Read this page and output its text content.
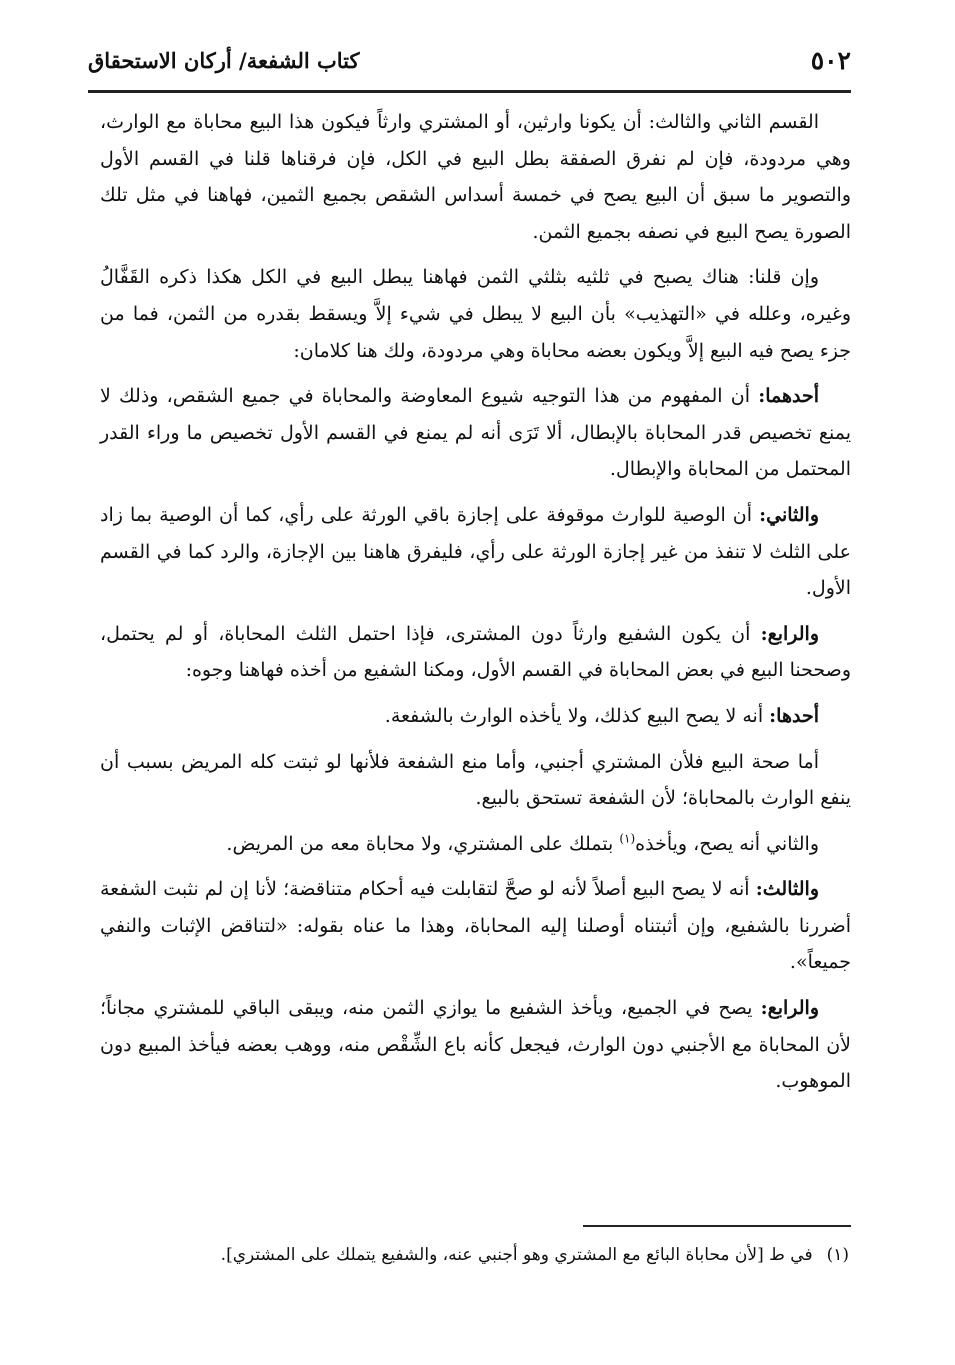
٥٠٢
كتاب الشفعة/ أركان الاستحقاق

القسم الثاني والثالث: أن يكونا وارثين، أو المشتري وارثاً فيكون هذا البيع محاباة مع الوارث، وهي مردودة، فإن لم نفرق الصفقة بطل البيع في الكل، فإن فرقناها قلنا في القسم الأول والتصوير ما سبق أن البيع يصح في خمسة أسداس الشقص بجميع الثمين، فهاهنا في مثل تلك الصورة يصح البيع في نصفه بجميع الثمن.

وإن قلنا: هناك يصبح في ثلثيه بثلثي الثمن فهاهنا يبطل البيع في الكل هكذا ذكره القَفَّالُ وغيره، وعلله في «التهذيب» بأن البيع لا يبطل في شيء إلاَّ ويسقط بقدره من الثمن، فما من جزء يصح فيه البيع إلاَّ ويكون بعضه محاباة وهي مردودة، ولك هنا كلامان:

أحدهما: أن المفهوم من هذا التوجيه شيوع المعاوضة والمحاباة في جميع الشقص، وذلك لا يمنع تخصيص قدر المحاباة بالإبطال، ألا تَرَى أنه لم يمنع في القسم الأول تخصيص ما وراء القدر المحتمل من المحاباة والإبطال.

والثاني: أن الوصية للوارث موقوفة على إجازة باقي الورثة على رأي، كما أن الوصية بما زاد على الثلث لا تنفذ من غير إجازة الورثة على رأي، فليفرق هاهنا بين الإجازة، والرد كما في القسم الأول.

والرابع: أن يكون الشفيع وارثاً دون المشترى، فإذا احتمل الثلث المحاباة، أو لم يحتمل، وصححنا البيع في بعض المحاباة في القسم الأول، ومكنا الشفيع من أخذه فهاهنا وجوه:

أحدها: أنه لا يصح البيع كذلك، ولا يأخذه الوارث بالشفعة.

أما صحة البيع فلأن المشتري أجنبي، وأما منع الشفعة فلأنها لو ثبتت كله المريض بسبب أن ينفع الوارث بالمحاباة؛ لأن الشفعة تستحق بالبيع.

والثاني أنه يصح، ويأخذه$^{(١)}$ بتملك على المشتري، ولا محاباة معه من المريض.

والثالث: أنه لا يصح البيع أصلاً لأنه لو صحَّ لتقابلت فيه أحكام متناقضة؛ لأنا إن لم نثبت الشفعة أضررنا بالشفيع، وإن أثبتناه أوصلنا إليه المحاباة، وهذا ما عناه بقوله: «لتناقض الإثبات والنفي جميعاً».

والرابع: يصح في الجميع، ويأخذ الشفيع ما يوازي الثمن منه، ويبقى الباقي للمشتري مجاناً؛ لأن المحاباة مع الأجنبي دون الوارث، فيجعل كأنه باع الشِّقْص منه، ووهب بعضه فيأخذ المبيع دون الموهوب.

(١)في ط [لأن محاباة البائع مع المشتري وهو أجنبي عنه، والشفيع يتملك على المشتري].
